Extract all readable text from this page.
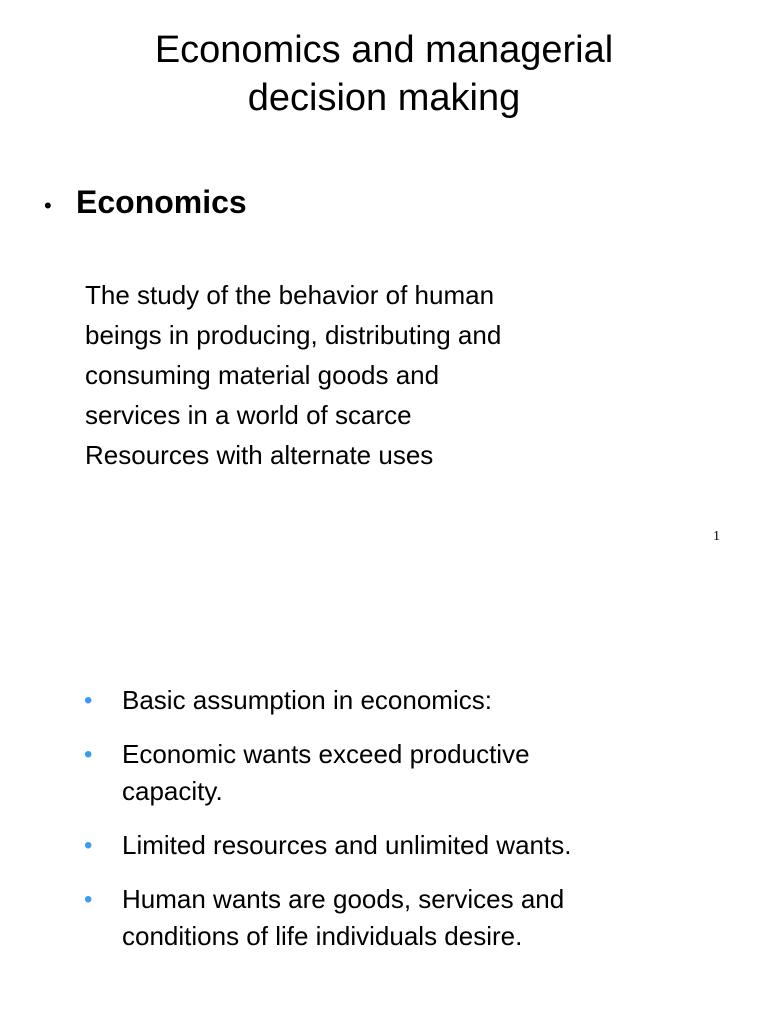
Economics and managerial
decision making
• Economics
The study of the behavior of human
beings in producing, distributing and
consuming material goods and
services in a world of scarce
Resources with alternate uses
1
•	Basic assumption in economics:
•	Economic wants exceed productive
capacity.
•	Limited resources and unlimited wants.
•	Human wants are goods, services and
conditions of life individuals desire.
